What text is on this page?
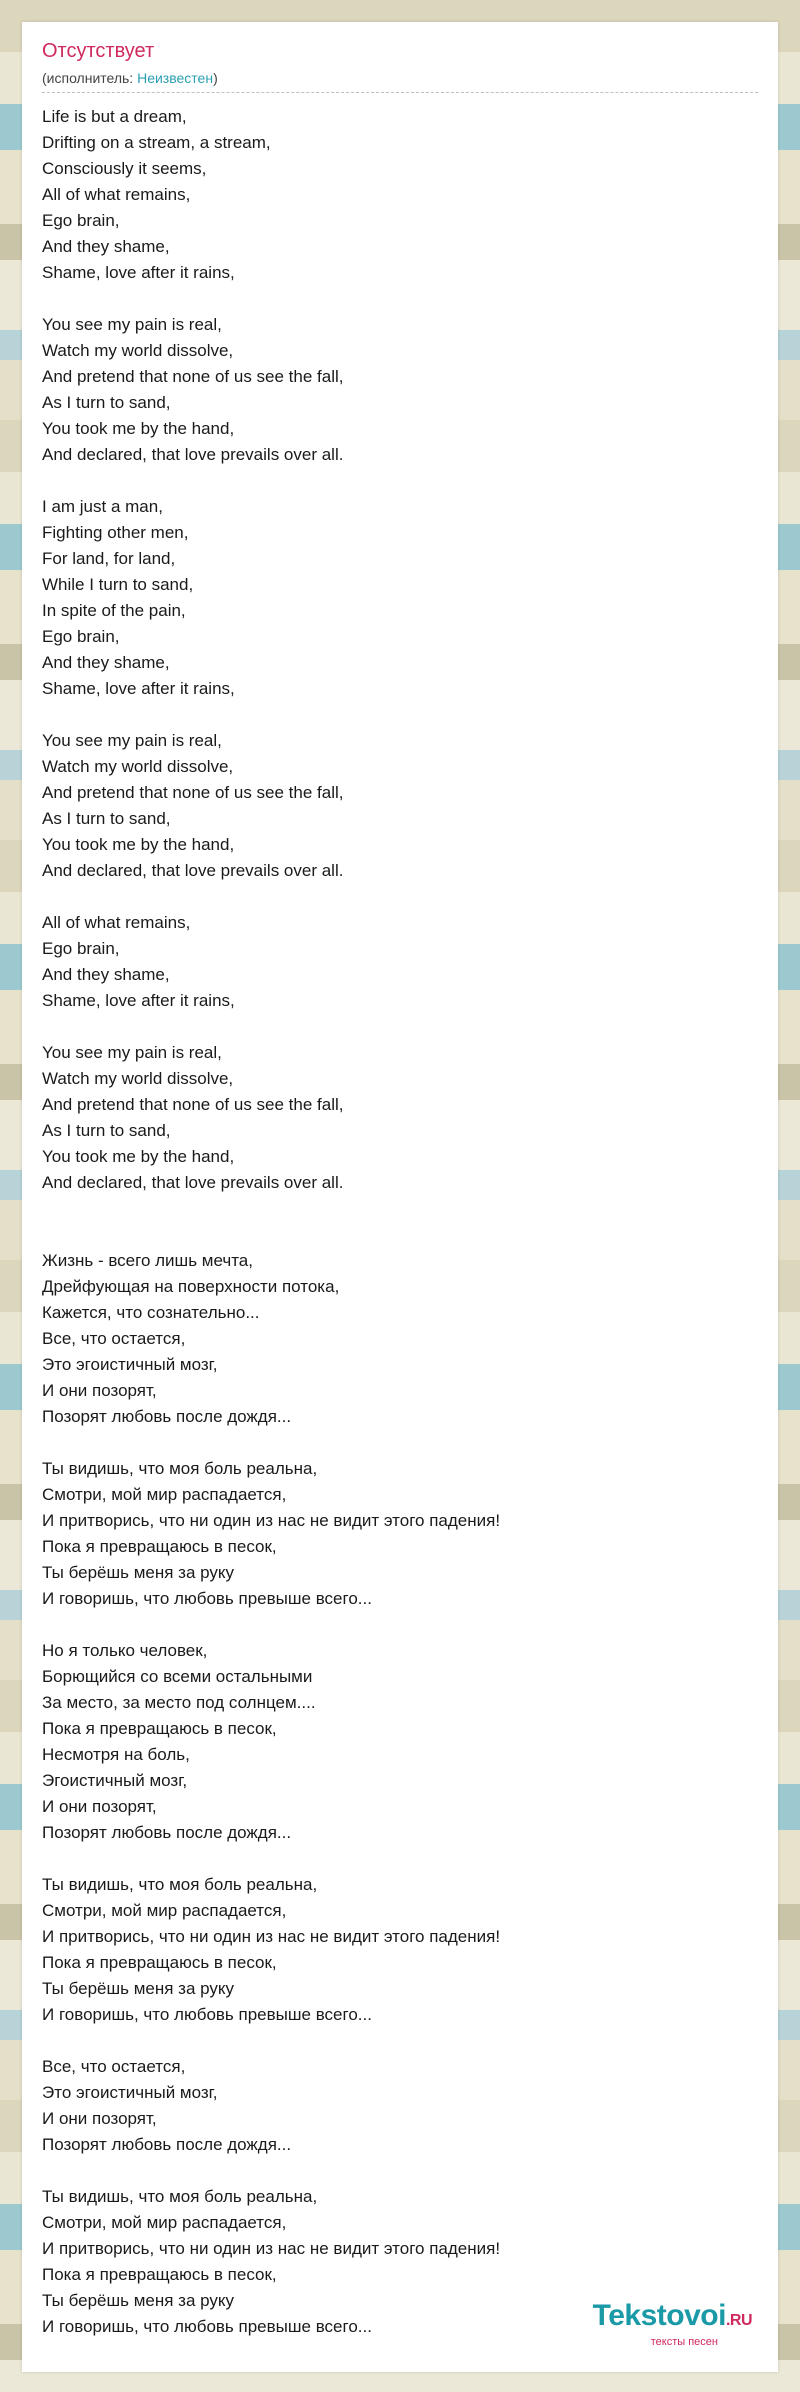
Отсутствует
(исполнитель: Неизвестен)
Life is but a dream,
Drifting on a stream, a stream,
Consciously it seems,
All of what remains,
Ego brain,
And they shame,
Shame, love after it rains,
You see my pain is real,
Watch my world dissolve,
And pretend that none of us see the fall,
As I turn to sand,
You took me by the hand,
And declared, that love prevails over all.
I am just a man,
Fighting other men,
For land, for land,
While I turn to sand,
In spite of the pain,
Ego brain,
And they shame,
Shame, love after it rains,
You see my pain is real,
Watch my world dissolve,
And pretend that none of us see the fall,
As I turn to sand,
You took me by the hand,
And declared, that love prevails over all.
All of what remains,
Ego brain,
And they shame,
Shame, love after it rains,
You see my pain is real,
Watch my world dissolve,
And pretend that none of us see the fall,
As I turn to sand,
You took me by the hand,
And declared, that love prevails over all.
Жизнь - всего лишь мечта,
Дрейфующая на поверхности потока,
Кажется, что сознательно...
Все, что остается,
Это эгоистичный мозг,
И они позорят,
Позорят любовь после дождя...
Ты видишь, что моя боль реальна,
Смотри, мой мир распадается,
И притворись, что ни один из нас не видит этого падения!
Пока я превращаюсь в песок,
Ты берёшь меня за руку
И говоришь, что любовь превыше всего...
Но я только человек,
Борющийся со всеми остальными
За место, за место под солнцем....
Пока я превращаюсь в песок,
Несмотря на боль,
Эгоистичный мозг,
И они позорят,
Позорят любовь после дождя...
Ты видишь, что моя боль реальна,
Смотри, мой мир распадается,
И притворись, что ни один из нас не видит этого падения!
Пока я превращаюсь в песок,
Ты берёшь меня за руку
И говоришь, что любовь превыше всего...
Все, что остается,
Это эгоистичный мозг,
И они позорят,
Позорят любовь после дождя...
Ты видишь, что моя боль реальна,
Смотри, мой мир распадается,
И притворись, что ни один из нас не видит этого падения!
Пока я превращаюсь в песок,
Ты берёшь меня за руку
И говоришь, что любовь превыше всего...	Tekstovoi.RU
тексты песен
